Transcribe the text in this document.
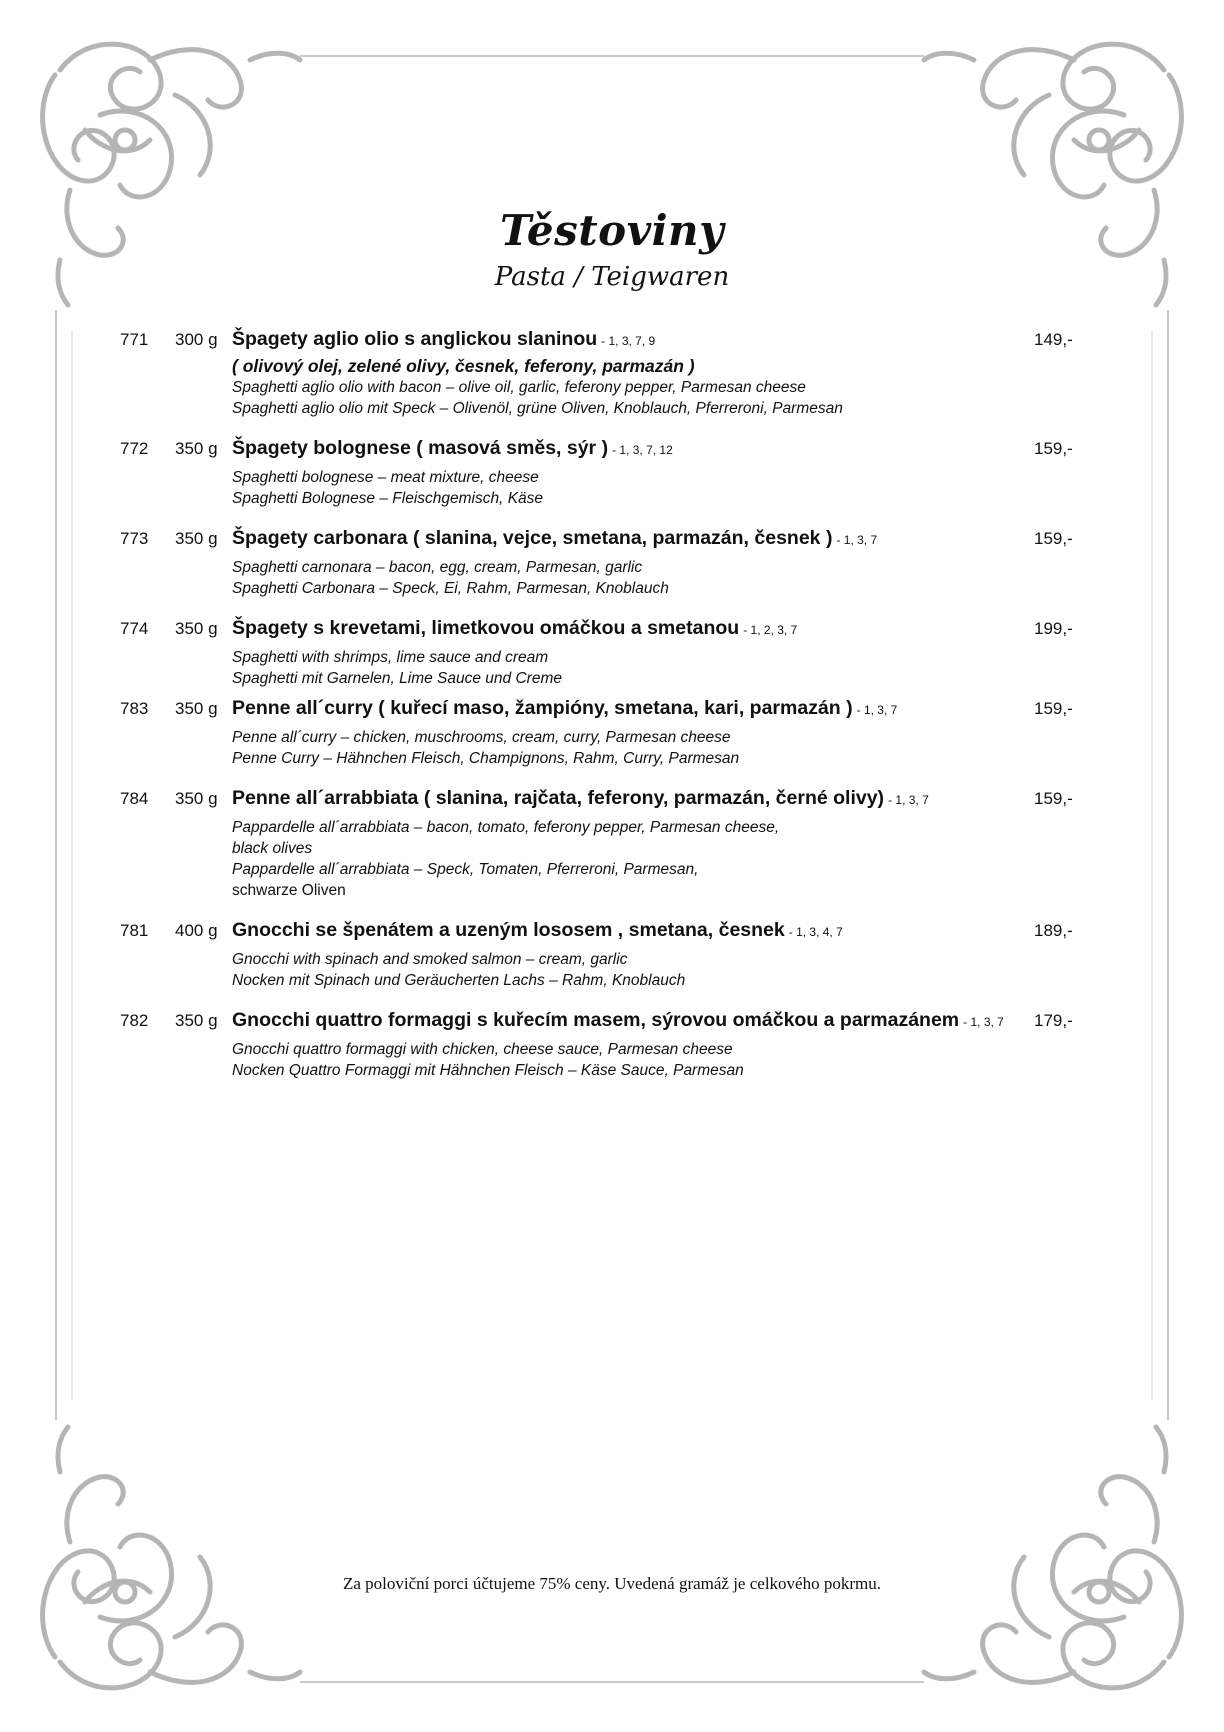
Těstoviny
Pasta / Teigwaren
771	300 g Špagety aglio olio s anglickou slaninou - 1, 3, 7, 9	149,-
( olivový olej, zelené olivy, česnek, feferony, parmazán )
Spaghetti aglio olio with bacon – olive oil, garlic, feferony pepper, Parmesan cheese
Spaghetti aglio olio mit Speck – Olivenöl, grüne Oliven, Knoblauch, Pferreroni, Parmesan
772	350 g Špagety bolognese ( masová směs, sýr ) - 1, 3, 7, 12	159,-
Spaghetti bolognese – meat mixture, cheese
Spaghetti Bolognese – Fleischgemisch, Käse
773	350 g Špagety carbonara ( slanina, vejce, smetana, parmazán, česnek ) - 1, 3, 7	159,-
Spaghetti carnonara – bacon, egg, cream, Parmesan, garlic
Spaghetti Carbonara – Speck, Ei, Rahm, Parmesan, Knoblauch
774	350 g Špagety s krevetami, limetkovou omáčkou a smetanou - 1, 2, 3, 7	199,-
Spaghetti with shrimps, lime sauce and cream
Spaghetti mit Garnelen, Lime Sauce und Creme
783	350 g Penne all´curry ( kuřecí maso, žampióny, smetana, kari, parmazán ) - 1, 3, 7	159,-
Penne all´curry – chicken, muschrooms, cream, curry, Parmesan cheese
Penne Curry – Hähnchen Fleisch, Champignons, Rahm, Curry, Parmesan
784	350 g Penne all´arrabbiata ( slanina, rajčata, feferony, parmazán, černé olivy) - 1, 3, 7	159,-
Pappardelle all´arrabbiata – bacon, tomato, feferony pepper, Parmesan cheese,
black olives
Pappardelle all´arrabbiata – Speck, Tomaten, Pferreroni, Parmesan,
schwarze Oliven
781	400 g Gnocchi se špenátem a uzeným lososem , smetana, česnek - 1, 3, 4, 7	189,-
Gnocchi with spinach and smoked salmon – cream, garlic
Nocken mit Spinach und Geräucherten Lachs – Rahm, Knoblauch
782	350 g Gnocchi quattro formaggi s kuřecím masem, sýrovou omáčkou a parmazánem - 1, 3, 7 179,-
Gnocchi quattro formaggi with chicken, cheese sauce, Parmesan cheese
Nocken Quattro Formaggi mit Hähnchen Fleisch – Käse Sauce, Parmesan
Za poloviční porci účtujeme 75% ceny. Uvedená gramáž je celkového pokrmu.
